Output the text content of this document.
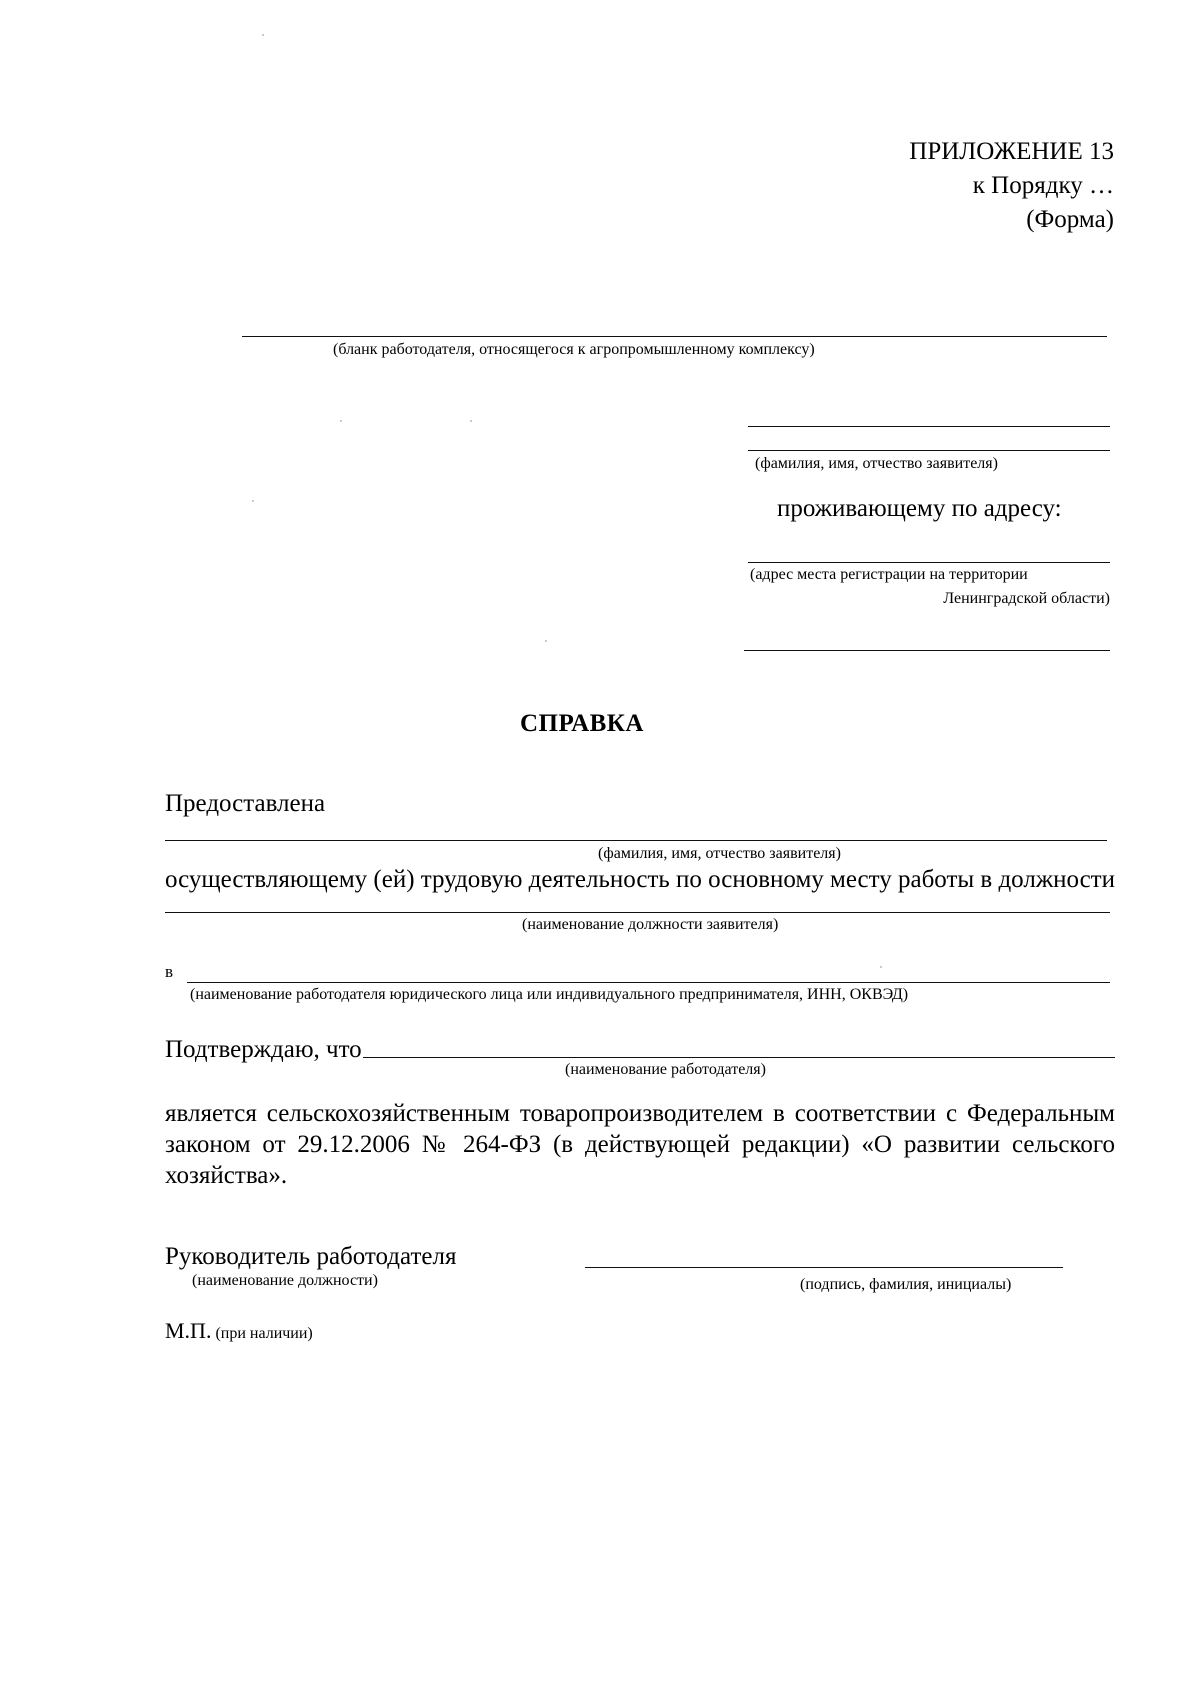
ПРИЛОЖЕНИЕ 13
к Порядку …
(Форма)
(бланк работодателя, относящегося к агропромышленному комплексу)
(фамилия, имя, отчество заявителя)
проживающему по адресу:
(адрес места регистрации на территории
Ленинградской области)
СПРАВКА
Предоставлена
(фамилия, имя, отчество заявителя)
осуществляющему (ей) трудовую деятельность по основному месту работы в должности
(наименование должности заявителя)
в
(наименование работодателя юридического лица или индивидуального предпринимателя, ИНН, ОКВЭД)
Подтверждаю, что
(наименование работодателя)
является сельскохозяйственным товаропроизводителем в соответствии с Федеральным
законом от 29.12.2006 № 264-ФЗ (в действующей редакции) «О развитии сельского
хозяйства».
Руководитель работодателя
(наименование должности)	(подпись, фамилия, инициалы)
М.П. (при наличии)
